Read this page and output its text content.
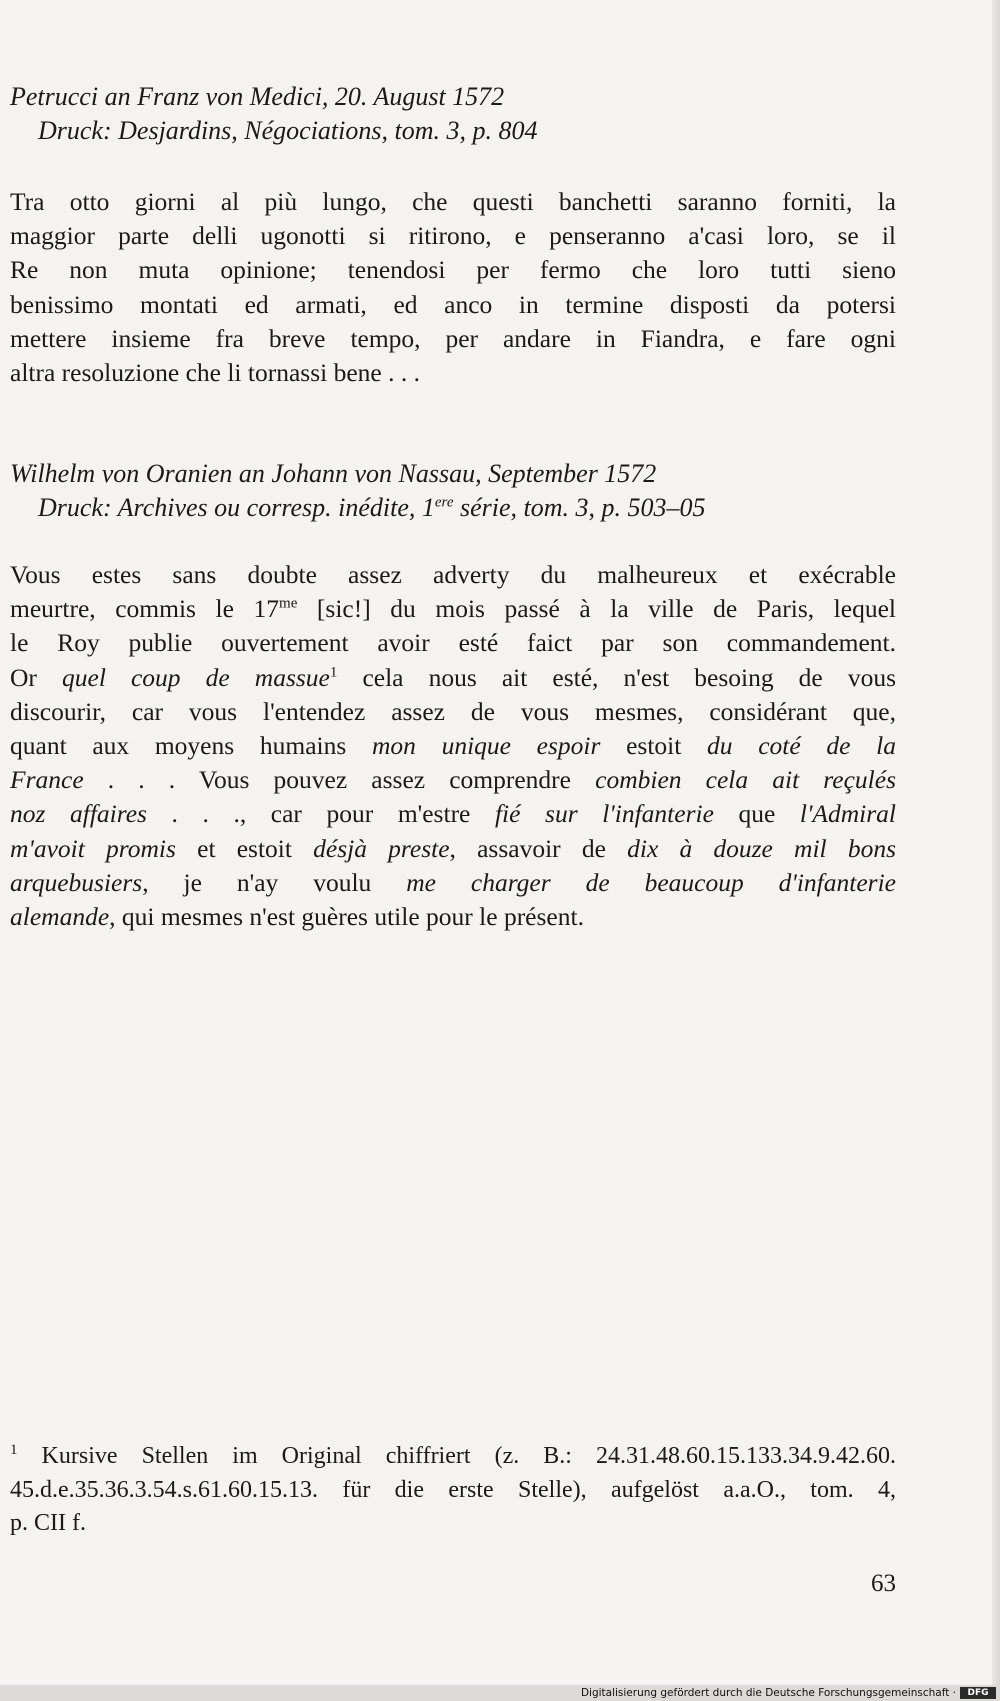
Petrucci an Franz von Medici, 20. August 1572
Druck: Desjardins, Négociations, tom. 3, p. 804
Tra otto giorni al più lungo, che questi banchetti saranno forniti, la
maggior parte delli ugonotti si ritirono, e penseranno a'casi loro, se il
Re non muta opinione; tenendosi per fermo che loro tutti sieno
benissimo montati ed armati, ed anco in termine disposti da potersi
mettere insieme fra breve tempo, per andare in Fiandra, e fare ogni
altra resoluzione che li tornassi bene . . .
Wilhelm von Oranien an Johann von Nassau, September 1572
Druck: Archives ou corresp. inédite, 1ere série, tom. 3, p. 503–05
Vous estes sans doubte assez adverty du malheureux et exécrable
meurtre, commis le $17^{me}$ [sic!] du mois passé à la ville de Paris, lequel
le Roy publie ouvertement avoir esté faict par son commandement.
Or quel coup de massue$^1$ cela nous ait esté, n'est besoing de vous
discourir, car vous l'entendez assez de vous mesmes, considérant que,
quant aux moyens humains mon unique espoir estoit du coté de la
France . . . Vous pouvez assez comprendre combien cela ait reçulés
noz affaires . . ., car pour m'estre fié sur l'infanterie que l'Admiral
m'avoit promis et estoit désjà preste, assavoir de dix à douze mil bons
arquebusiers, je n'ay voulu me charger de beaucoup d'infanterie
alemande, qui mesmes n'est guères utile pour le présent.
$^1$ Kursive Stellen im Original chiffriert (z. B.: 24.31.48.60.15.133.34.9.42.60.
45.d.e.35.36.3.54.s.61.60.15.13. für die erste Stelle), aufgelöst a.a.O., tom. 4,
p. CII f.
63
Digitalisierung gefördert durch die Deutsche Forschungsgemeinschaft ·	DFG
